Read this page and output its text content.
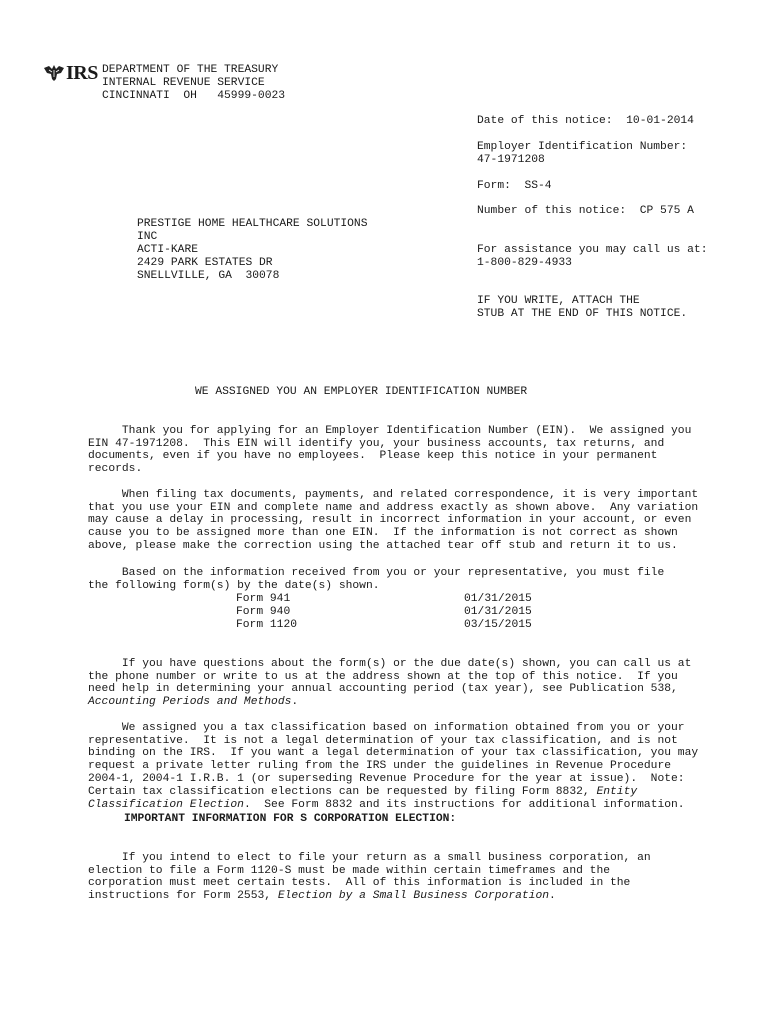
IRS DEPARTMENT OF THE TREASURY
INTERNAL REVENUE SERVICE
CINCINNATI  OH   45999-0023
Date of this notice:  10-01-2014
Employer Identification Number:
47-1971208
Form:  SS-4
Number of this notice:  CP 575 A
For assistance you may call us at:
1-800-829-4933
IF YOU WRITE, ATTACH THE
STUB AT THE END OF THIS NOTICE.
PRESTIGE HOME HEALTHCARE SOLUTIONS
INC
ACTI-KARE
2429 PARK ESTATES DR
SNELLVILLE, GA  30078
WE ASSIGNED YOU AN EMPLOYER IDENTIFICATION NUMBER

Thank you for applying for an Employer Identification Number (EIN).  We assigned you
EIN 47-1971208.  This EIN will identify you, your business accounts, tax returns, and
documents, even if you have no employees.  Please keep this notice in your permanent
records.

When filing tax documents, payments, and related correspondence, it is very important
that you use your EIN and complete name and address exactly as shown above.  Any variation
may cause a delay in processing, result in incorrect information in your account, or even
cause you to be assigned more than one EIN.  If the information is not correct as shown
above, please make the correction using the attached tear off stub and return it to us.

Based on the information received from you or your representative, you must file
the following form(s) by the date(s) shown.
Form 941	01/31/2015
Form 940	01/31/2015
Form 1120	03/15/2015

If you have questions about the form(s) or the due date(s) shown, you can call us at
the phone number or write to us at the address shown at the top of this notice.  If you
need help in determining your annual accounting period (tax year), see Publication 538,
Accounting Periods and Methods.

We assigned you a tax classification based on information obtained from you or your
representative.  It is not a legal determination of your tax classification, and is not
binding on the IRS.  If you want a legal determination of your tax classification, you may
request a private letter ruling from the IRS under the guidelines in Revenue Procedure
2004-1, 2004-1 I.R.B. 1 (or superseding Revenue Procedure for the year at issue).  Note:
Certain tax classification elections can be requested by filing Form 8832, Entity
Classification Election.  See Form 8832 and its instructions for additional information.
IMPORTANT INFORMATION FOR S CORPORATION ELECTION:

If you intend to elect to file your return as a small business corporation, an
election to file a Form 1120-S must be made within certain timeframes and the
corporation must meet certain tests.  All of this information is included in the
instructions for Form 2553, Election by a Small Business Corporation.
